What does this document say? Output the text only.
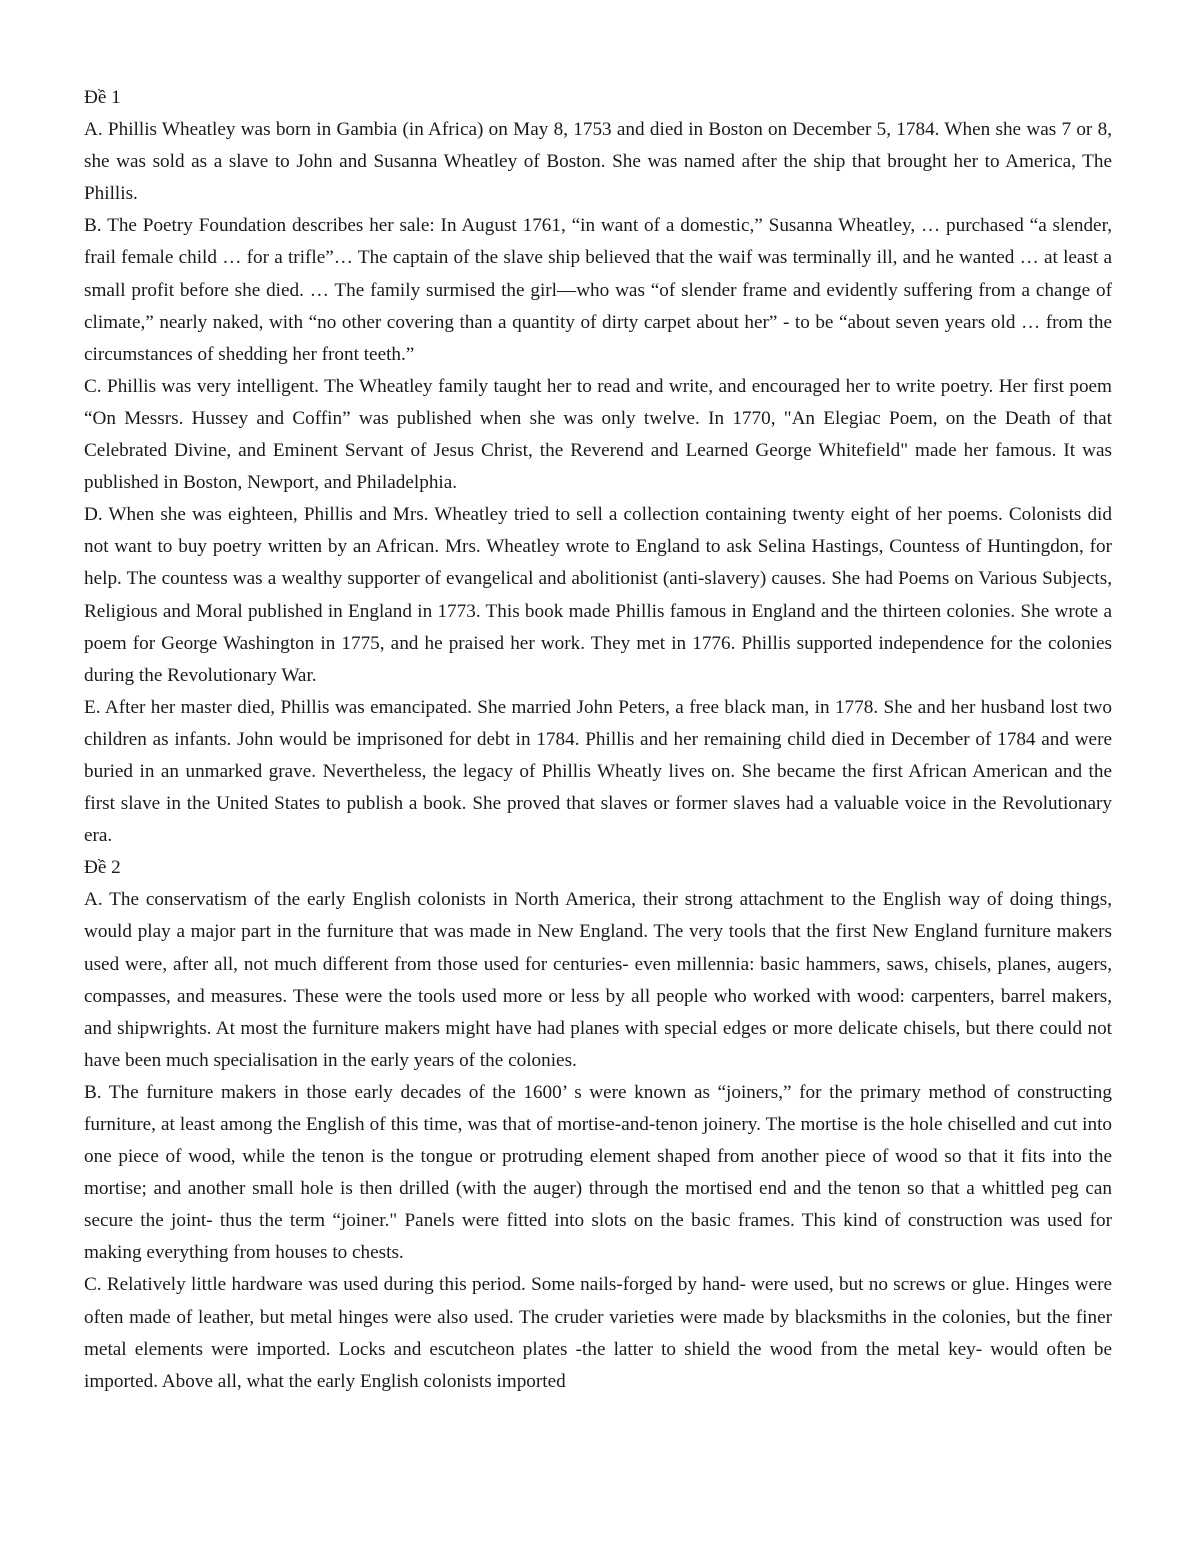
Đề 1

A. Phillis Wheatley was born in Gambia (in Africa) on May 8, 1753 and died in Boston on December 5, 1784. When she was 7 or 8, she was sold as a slave to John and Susanna Wheatley of Boston. She was named after the ship that brought her to America, The Phillis.

B. The Poetry Foundation describes her sale: In August 1761, “in want of a domestic,” Susanna Wheatley, … purchased “a slender, frail female child … for a trifle”… The captain of the slave ship believed that the waif was terminally ill, and he wanted … at least a small profit before she died. … The family surmised the girl—who was “of slender frame and evidently suffering from a change of climate,” nearly naked, with “no other covering than a quantity of dirty carpet about her” - to be “about seven years old … from the circumstances of shedding her front teeth.”

C. Phillis was very intelligent. The Wheatley family taught her to read and write, and encouraged her to write poetry. Her first poem “On Messrs. Hussey and Coffin” was published when she was only twelve. In 1770, "An Elegiac Poem, on the Death of that Celebrated Divine, and Eminent Servant of Jesus Christ, the Reverend and Learned George Whitefield" made her famous. It was published in Boston, Newport, and Philadelphia.

D. When she was eighteen, Phillis and Mrs. Wheatley tried to sell a collection containing twenty eight of her poems. Colonists did not want to buy poetry written by an African. Mrs. Wheatley wrote to England to ask Selina Hastings, Countess of Huntingdon, for help. The countess was a wealthy supporter of evangelical and abolitionist (anti-slavery) causes. She had Poems on Various Subjects, Religious and Moral published in England in 1773. This book made Phillis famous in England and the thirteen colonies. She wrote a poem for George Washington in 1775, and he praised her work. They met in 1776. Phillis supported independence for the colonies during the Revolutionary War.

E. After her master died, Phillis was emancipated. She married John Peters, a free black man, in 1778. She and her husband lost two children as infants. John would be imprisoned for debt in 1784. Phillis and her remaining child died in December of 1784 and were buried in an unmarked grave. Nevertheless, the legacy of Phillis Wheatly lives on. She became the first African American and the first slave in the United States to publish a book. She proved that slaves or former slaves had a valuable voice in the Revolutionary era.

Đề 2

A. The conservatism of the early English colonists in North America, their strong attachment to the English way of doing things, would play a major part in the furniture that was made in New England. The very tools that the first New England furniture makers used were, after all, not much different from those used for centuries- even millennia: basic hammers, saws, chisels, planes, augers, compasses, and measures. These were the tools used more or less by all people who worked with wood: carpenters, barrel makers, and shipwrights. At most the furniture makers might have had planes with special edges or more delicate chisels, but there could not have been much specialisation in the early years of the colonies.

B. The furniture makers in those early decades of the 1600’ s were known as “joiners,” for the primary method of constructing furniture, at least among the English of this time, was that of mortise-and-tenon joinery. The mortise is the hole chiselled and cut into one piece of wood, while the tenon is the tongue or protruding element shaped from another piece of wood so that it fits into the mortise; and another small hole is then drilled (with the auger) through the mortised end and the tenon so that a whittled peg can secure the joint- thus the term “joiner." Panels were fitted into slots on the basic frames. This kind of construction was used for making everything from houses to chests.

C. Relatively little hardware was used during this period. Some nails-forged by hand- were used, but no screws or glue. Hinges were often made of leather, but metal hinges were also used. The cruder varieties were made by blacksmiths in the colonies, but the finer metal elements were imported. Locks and escutcheon plates -the latter to shield the wood from the metal key- would often be imported. Above all, what the early English colonists imported
